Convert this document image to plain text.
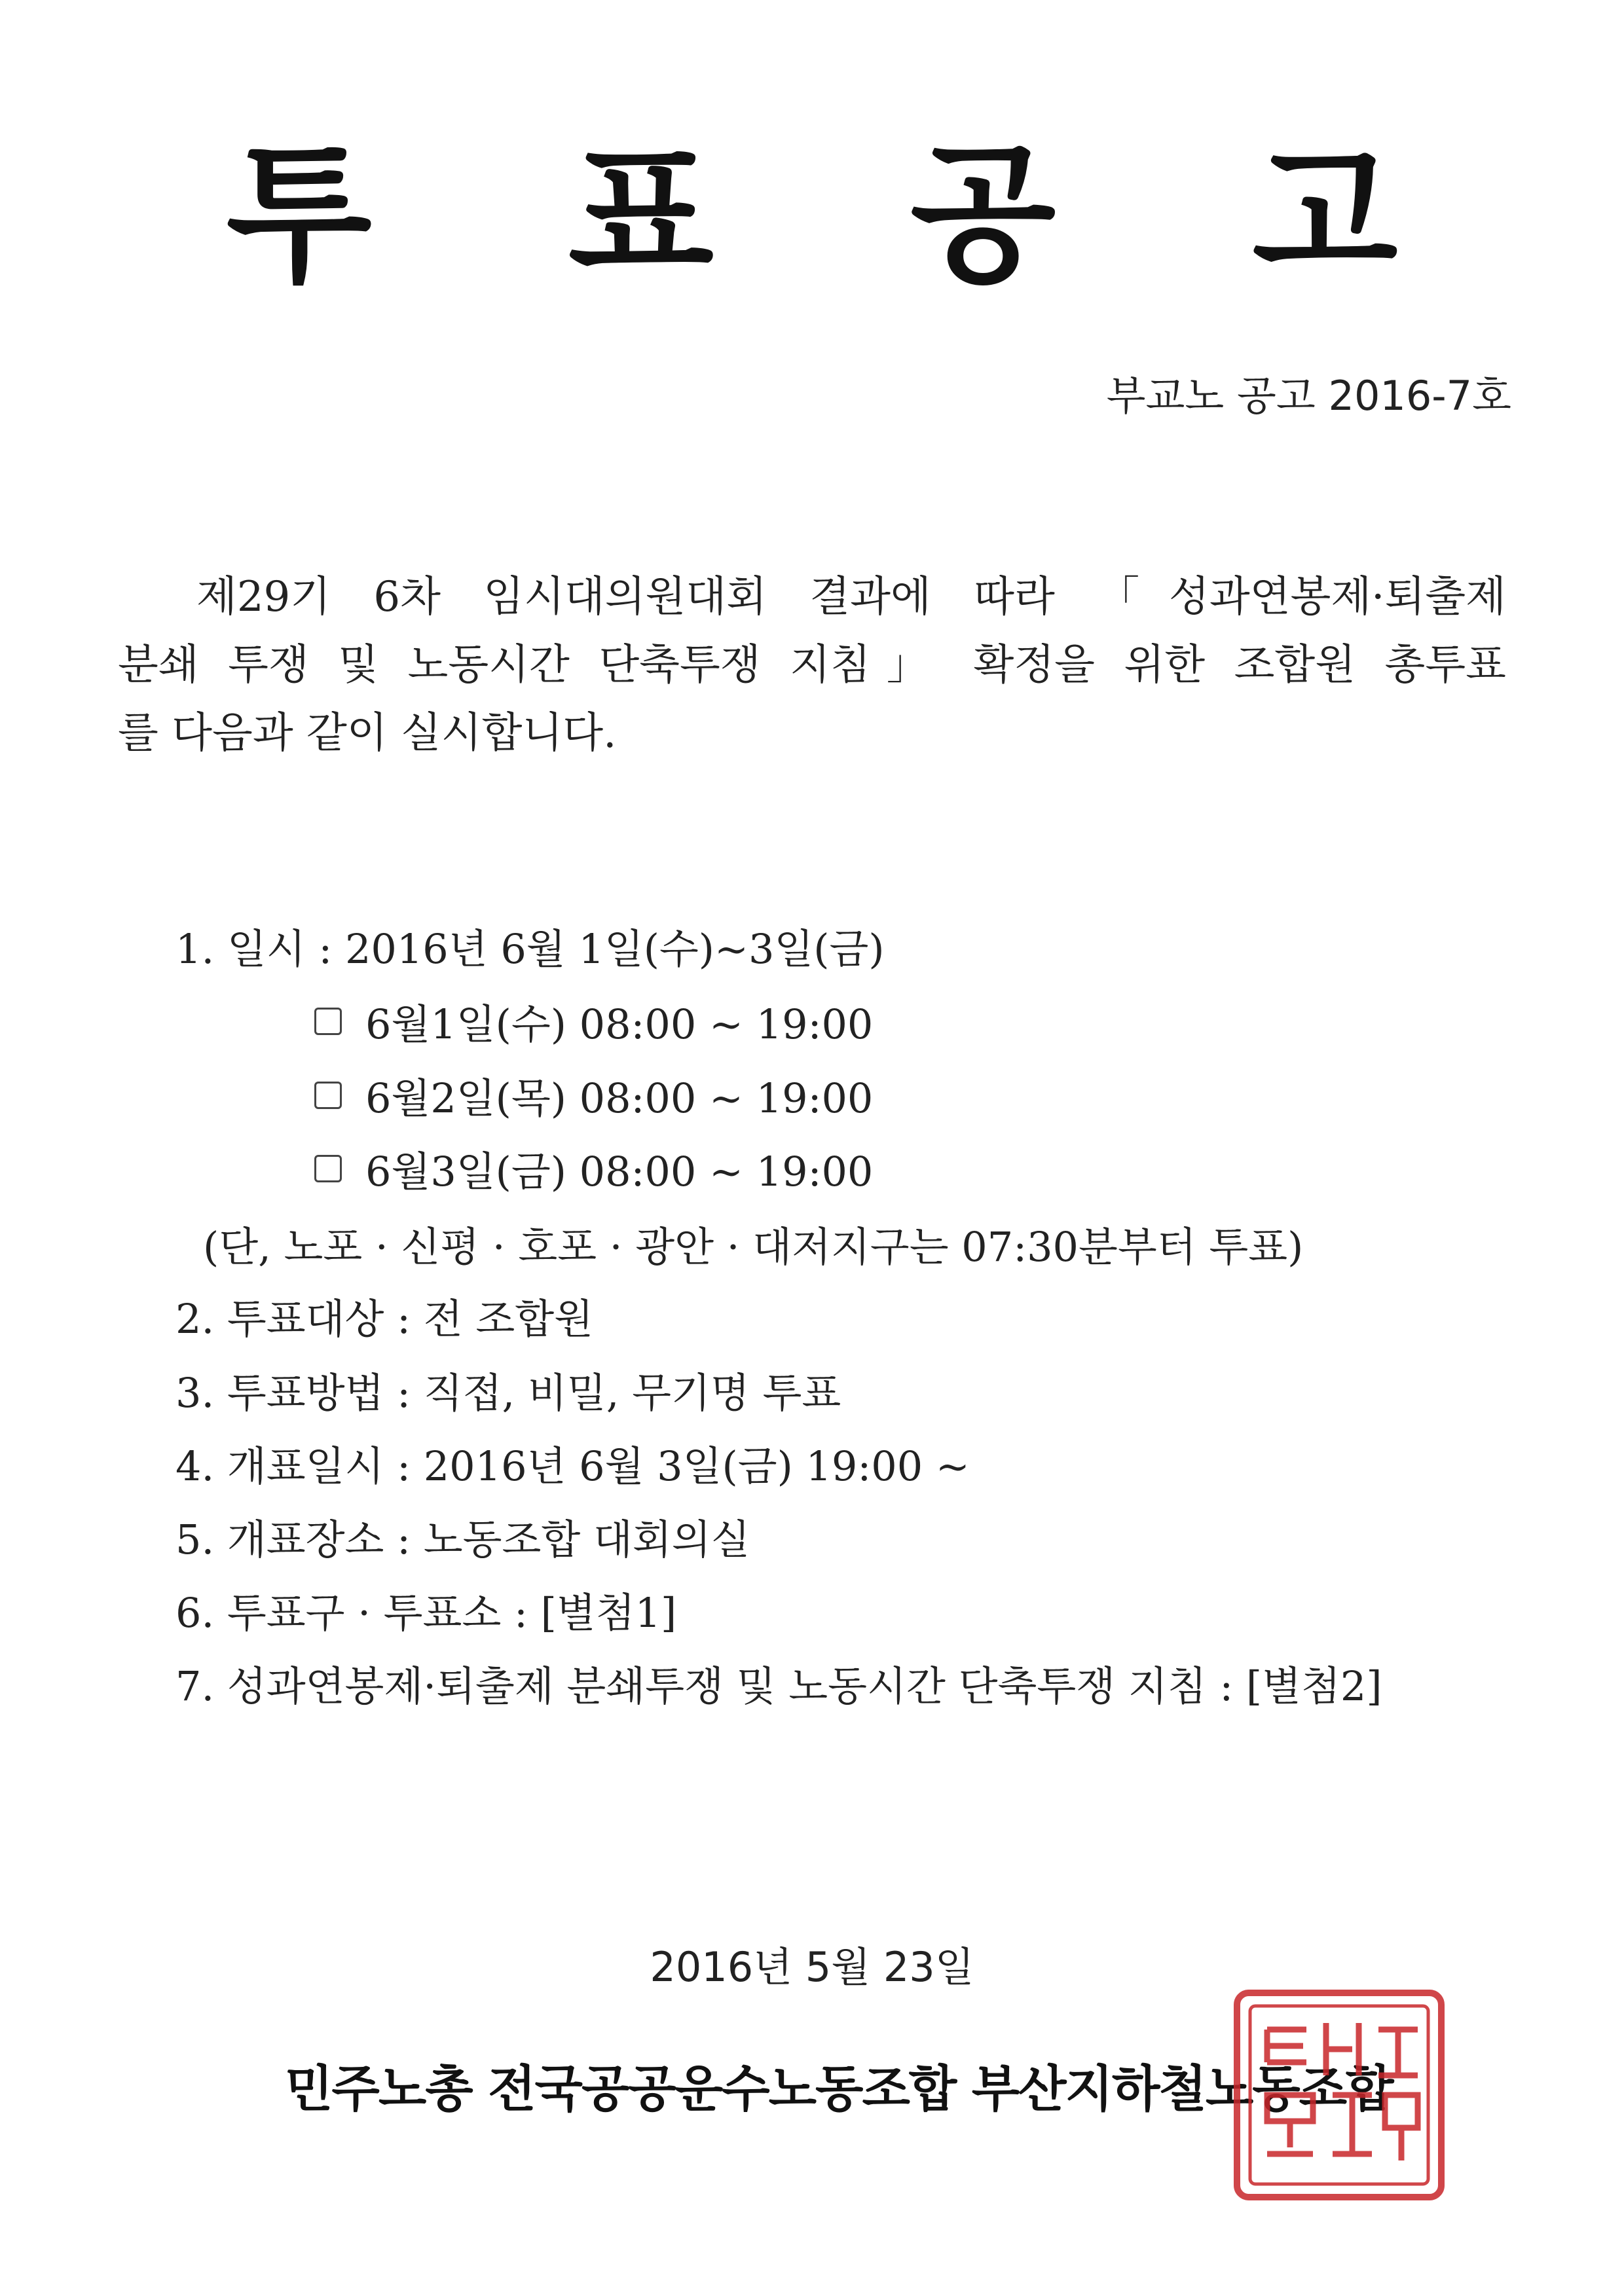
투 표 공 고
부교노 공고 2016-7호
제29기 6차 임시대의원대회 결과에 따라 「성과연봉제·퇴출제
분쇄 투쟁 및 노동시간 단축투쟁 지침」 확정을 위한 조합원 총투표
를 다음과 같이 실시합니다.
1. 일시 : 2016년 6월 1일(수)~3일(금)
6월1일(수) 08:00 ~ 19:00
6월2일(목) 08:00 ~ 19:00
6월3일(금) 08:00 ~ 19:00
(단, 노포 · 신평 · 호포 · 광안 · 대저지구는 07:30분부터 투표)
2. 투표대상 : 전 조합원
3. 투표방법 : 직접, 비밀, 무기명 투표
4. 개표일시 : 2016년 6월 3일(금) 19:00 ~
5. 개표장소 : 노동조합 대회의실
6. 투표구 · 투표소 : [별첨1]
7. 성과연봉제·퇴출제 분쇄투쟁 및 노동시간 단축투쟁 지침 : [별첨2]
2016년 5월 23일
민주노총 전국공공운수노동조합 부산지하철노동조합
